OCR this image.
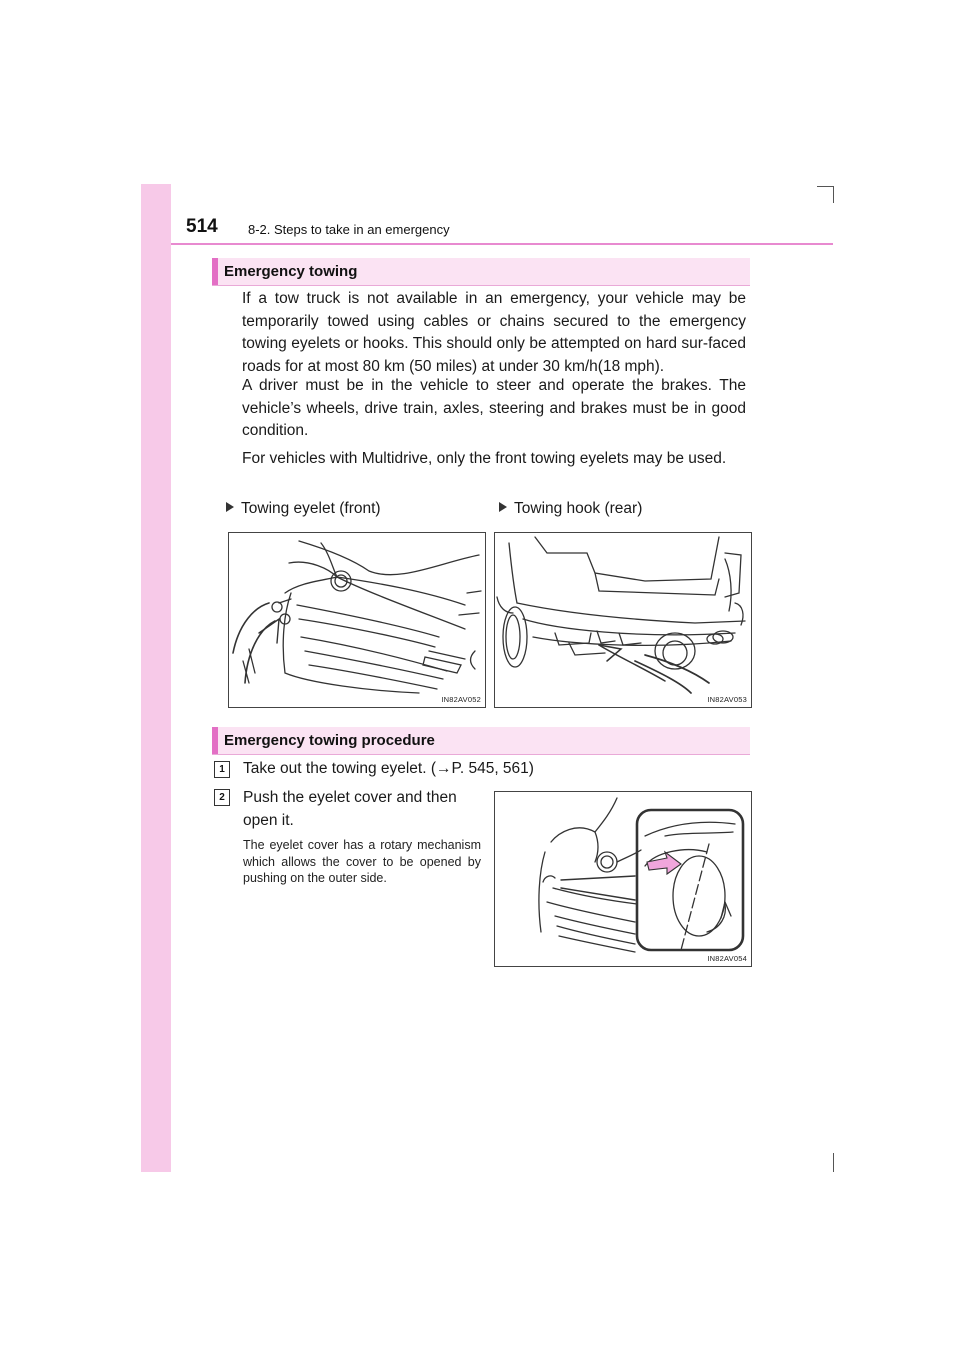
514 8-2. Steps to take in an emergency
Emergency towing

If a tow truck is not available in an emergency, your vehicle may be temporarily towed using cables or chains secured to the emergency towing eyelets or hooks. This should only be attempted on hard sur-faced roads for at most 80 km (50 miles) at under 30 km/h(18 mph).

A driver must be in the vehicle to steer and operate the brakes. The vehicle’s wheels, drive train, axles, steering and brakes must be in good condition.

For vehicles with Multidrive, only the front towing eyelets may be used.

Towing eyelet (front)	Towing hook (rear)
IN82AV052	IN82AV053
Emergency towing procedure
1	Take out the towing eyelet. (→P. 545, 561)
2	Push the eyelet cover and then
open it.

The eyelet cover has a rotary mechanism which allows the cover to be opened by pushing on the outer side.

IN82AV054
